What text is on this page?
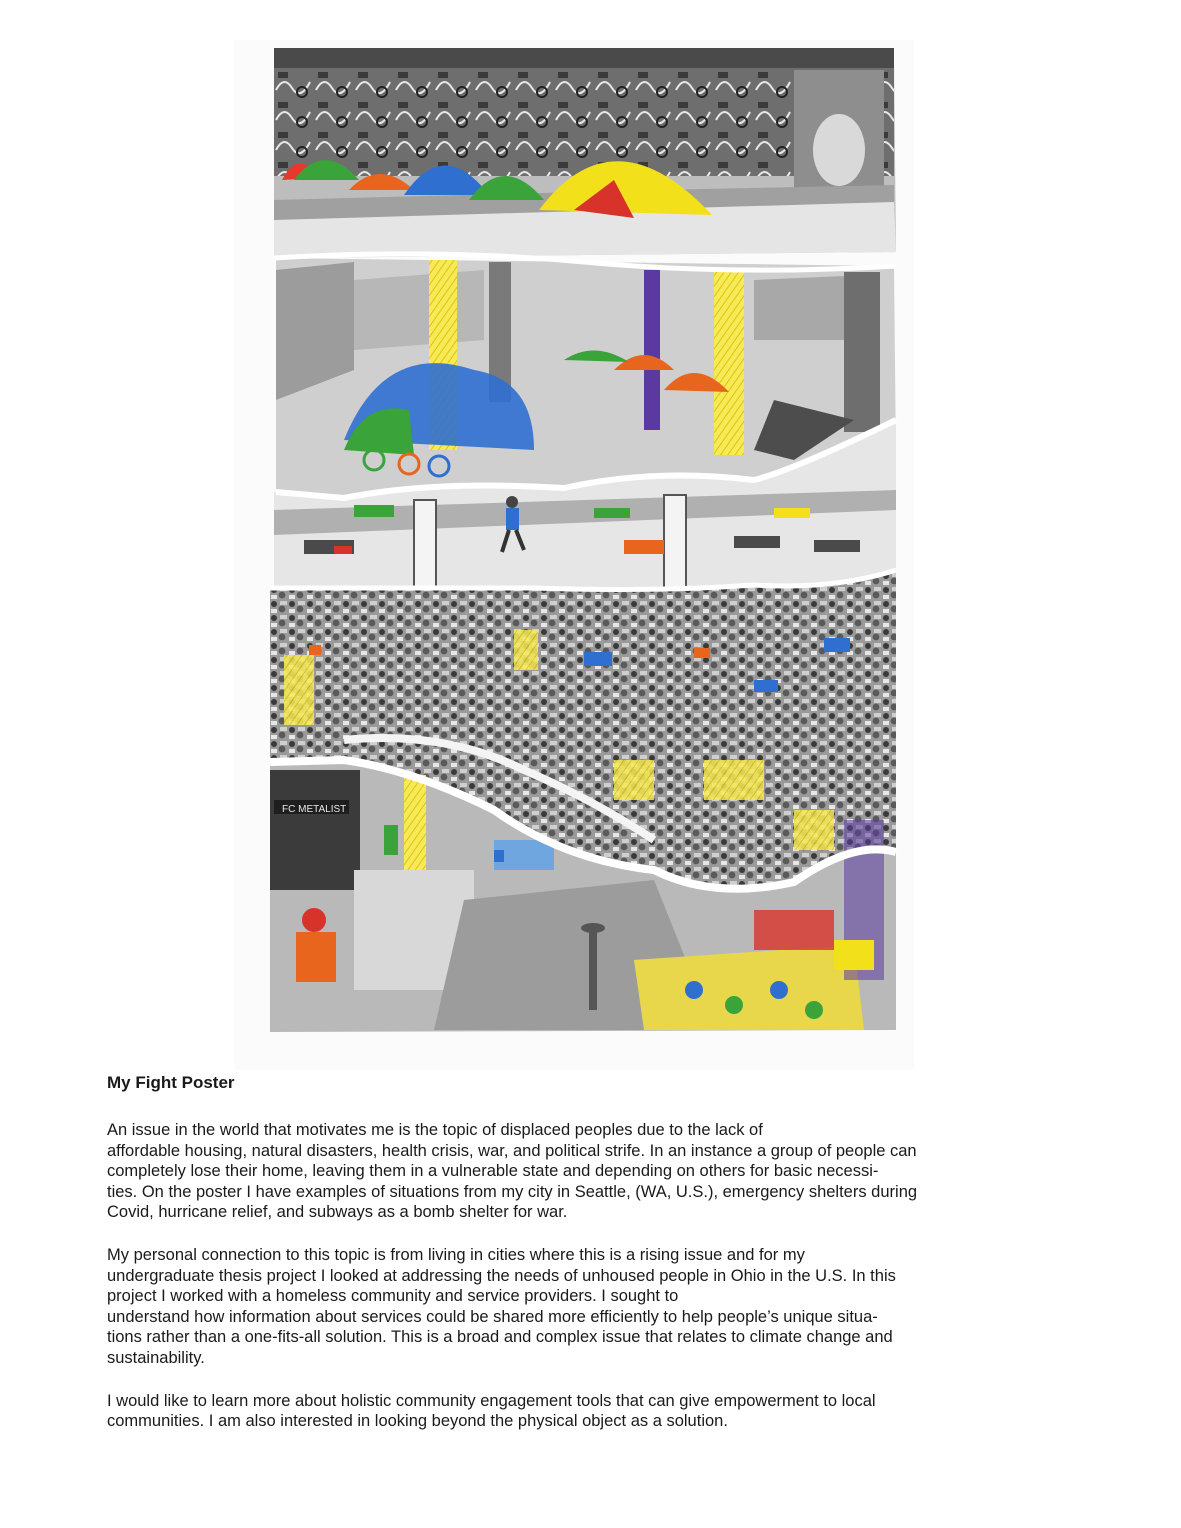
FC METALIST
My Fight Poster

An issue in the world that motivates me is the topic of displaced peoples due to the lack of
affordable housing, natural disasters, health crisis, war, and political strife. In an instance a group of people can
completely lose their home, leaving them in a vulnerable state and depending on others for basic necessi-
ties. On the poster I have examples of situations from my city in Seattle, (WA, U.S.), emergency shelters during
Covid, hurricane relief, and subways as a bomb shelter for war.

My personal connection to this topic is from living in cities where this is a rising issue and for my
undergraduate thesis project I looked at addressing the needs of unhoused people in Ohio in the U.S. In this
project I worked with a homeless community and service providers. I sought to
understand how information about services could be shared more efficiently to help people’s unique situa-
tions rather than a one-fits-all solution. This is a broad and complex issue that relates to climate change and
sustainability.

I would like to learn more about holistic community engagement tools that can give empowerment to local
communities. I am also interested in looking beyond the physical object as a solution.
